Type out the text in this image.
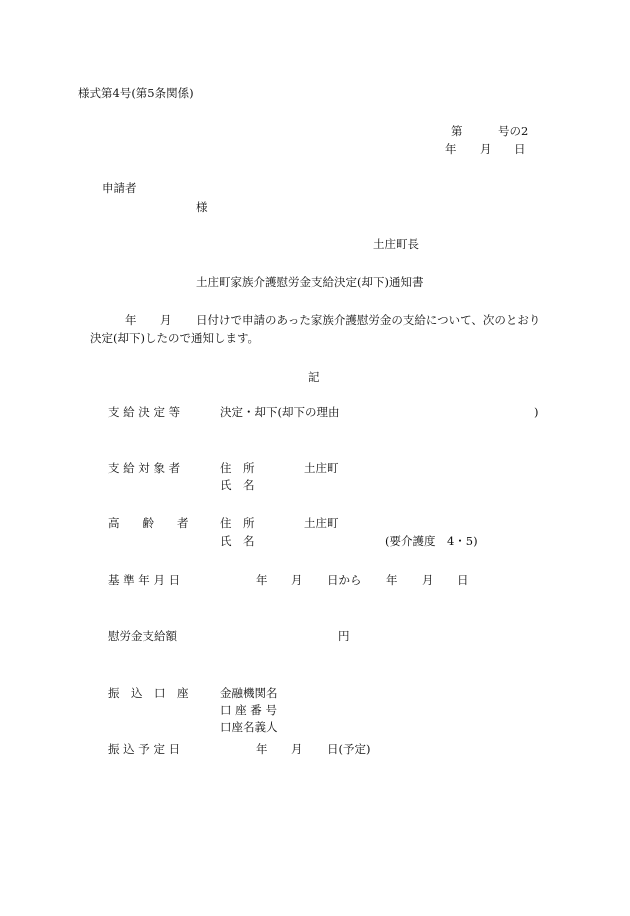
様式第4号(第5条関係)
第	号の2
年 月 日
申請者
様
土庄町長
土庄町家族介護慰労金支給決定(却下)通知書
年 月 日付けで申請のあった家族介護慰労金の支給について、次のとおり
決定(却下)したので通知します。
記
支 給 決 定 等	決定・却下(却下の理由	)
支 給 対 象 者	住　所	土庄町
氏　名
高　　齢　　者	住　所	土庄町
氏　名	(要介護度　4・5)
基 準 年 月 日	年 月 日から 年 月 日
慰労金支給額	円
振　込　口　座	金融機関名
口 座 番 号
口座名義人
振 込 予 定 日	年 月 日(予定)
